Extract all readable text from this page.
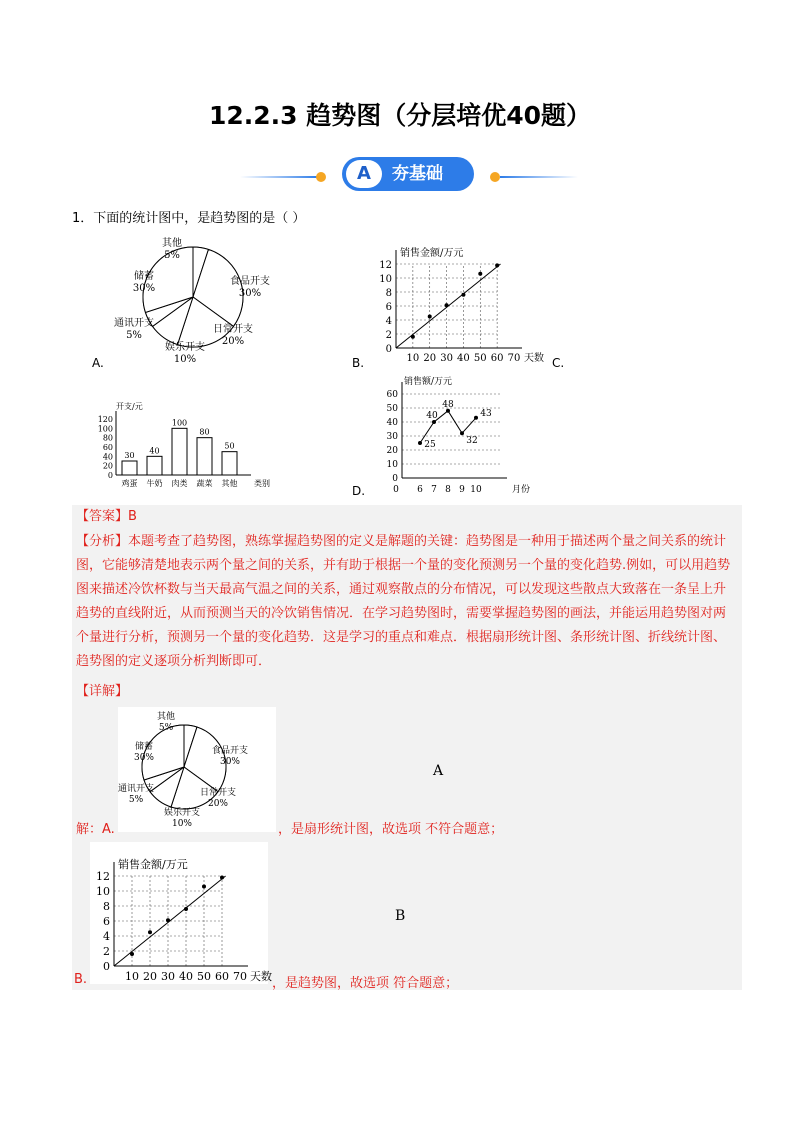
12.2.3 趋势图（分层培优40题）
A	夯基础
1．下面的统计图中，是趋势图的是（ ）
A.	B.	C.
D.
其他
5%
食品开支
30%
日常开支
20%
娱乐开支
10%
通讯开支
5%
储蓄
30%
0
2
4
6
8
10
12
10 20 30 40 50 60 70
销售金额/万元
天数
0
20
40
60
80
100
120
开支/元
类别
30
鸡蛋
40
牛奶
100
肉类
80
蔬菜
50
其他	0
10
20
30
40
50
60
0 6 7 8 9 10
销售额/万元
月份
25
40
48
32
43
【答案】B
【分析】本题考查了趋势图，熟练掌握趋势图的定义是解题的关键：趋势图是一种用于描述两个量之间关系的统计图，它能够清楚地表示两个量之间的关系，并有助于根据一个量的变化预测另一个量的变化趋势.例如，可以用趋势图来描述冷饮杯数与当天最高气温之间的关系，通过观察散点的分布情况，可以发现这些散点大致落在一条呈上升趋势的直线附近，从而预测当天的冷饮销售情况．在学习趋势图时，需要掌握趋势图的画法，并能运用趋势图对两个量进行分析，预测另一个量的变化趋势．这是学习的重点和难点．根据扇形统计图、条形统计图、折线统计图、趋势图的定义逐项分析判断即可．
【详解】
其他
5%
食品开支
30%
日常开支
20%
娱乐开支
10%
通讯开支
5%
储蓄
30%
解：A.	，是扇形统计图，故选项 不符合题意；
A
0
2
4
6
8
10
12
10 20 30 40 50 60 70
销售金额/万元
天数
B.	，是趋势图，故选项 符合题意；
B
